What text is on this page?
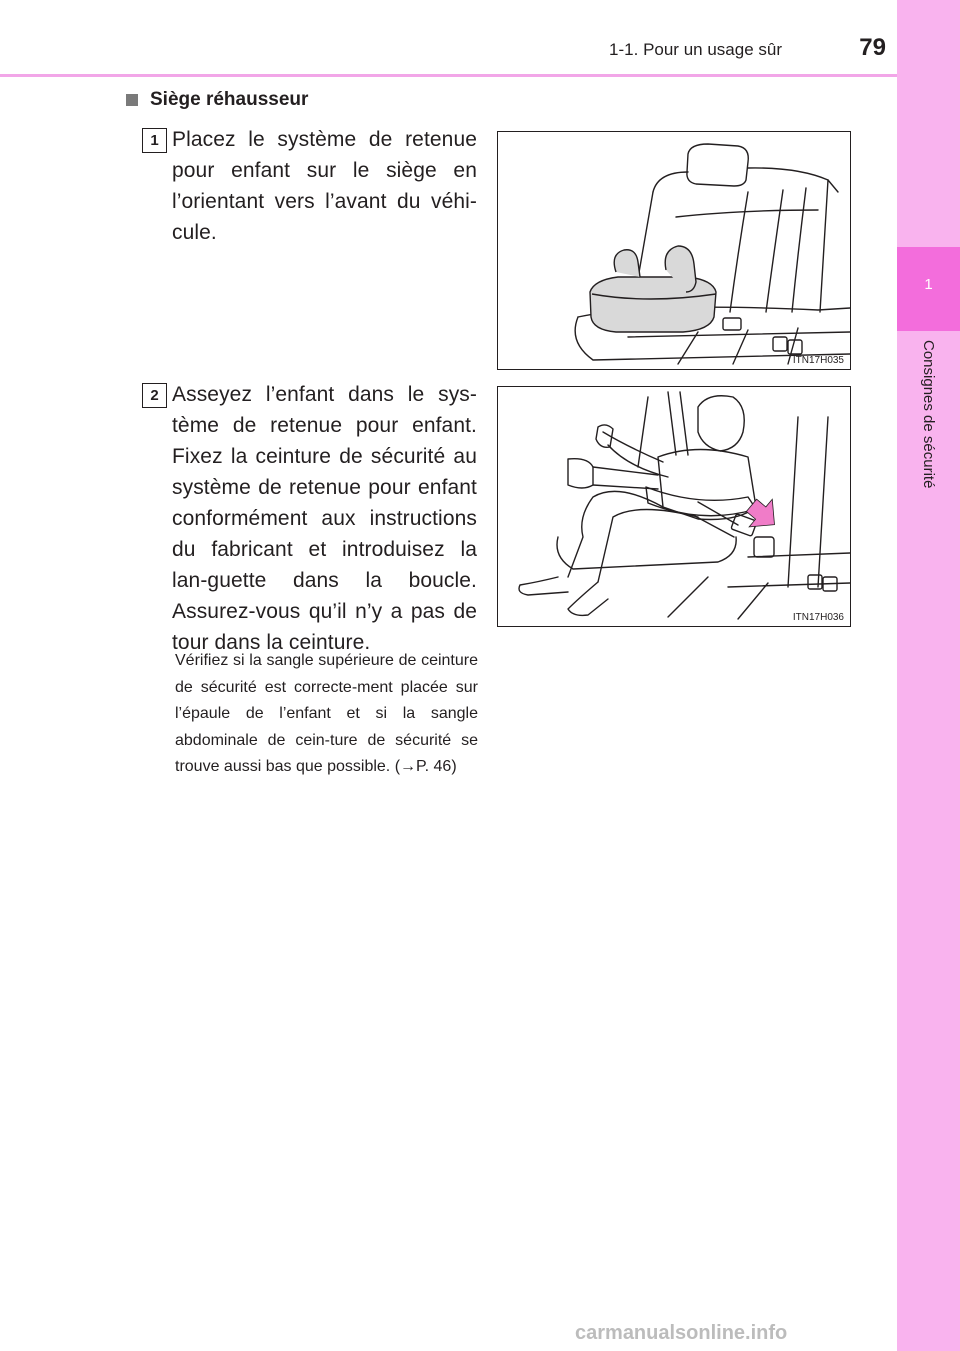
1-1. Pour un usage sûr	79
1
Consignes de sécurité
Siège réhausseur
1 Placez le système de retenue pour enfant sur le siège en l’orientant vers l’avant du véhi-cule.
ITN17H035
2 Asseyez l’enfant dans le sys-tème de retenue pour enfant. Fixez la ceinture de sécurité au système de retenue pour enfant conformément aux instructions du fabricant et introduisez la lan-guette dans la boucle. Assurez-vous qu’il n’y a pas de tour dans la ceinture.
Vérifiez si la sangle supérieure de ceinture de sécurité est correcte-ment placée sur l’épaule de l’enfant et si la sangle abdominale de cein-ture de sécurité se trouve aussi bas que possible. (→P. 46)
ITN17H036
carmanualsonline.info
